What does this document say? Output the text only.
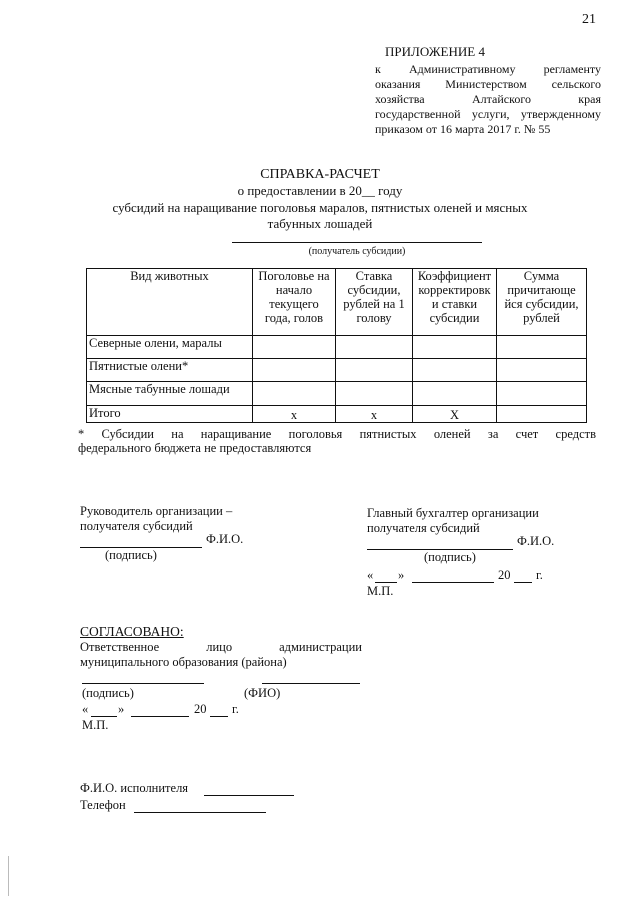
21
ПРИЛОЖЕНИЕ 4
к Административному регламенту
оказания Министерством сельского
хозяйства Алтайского края
государственной услуги, утвержденному
приказом от 16 марта 2017 г. № 55
СПРАВКА-РАСЧЕТ
о предоставлении в 20__ году
субсидий на наращивание поголовья маралов, пятнистых оленей и мясных
табунных лошадей
(получатель субсидии)
Вид животных	Поголовье на начало текущего года, голов	Ставка субсидии, рублей на 1 голову	Коэффициент корректировк и ставки субсидии	Сумма причитающе йся субсидии, рублей
Северные олени, маралы				
Пятнистые олени*				
Мясные табунные лошади				
Итого	х	х	Х	
* Субсидии на наращивание поголовья пятнистых оленей за счет средств
федерального бюджета не предоставляются
Руководитель организации –
получателя субсидий
Ф.И.О.
(подпись)
Главный бухгалтер организации
получателя субсидий
Ф.И.О.
(подпись)
« »	20 г.
М.П.
СОГЛАСОВАНО:
Ответственное лицо администрации
муниципального образования (района)
(подпись)	(ФИО)
« »	20 г.
М.П.
Ф.И.О. исполнителя
Телефон
